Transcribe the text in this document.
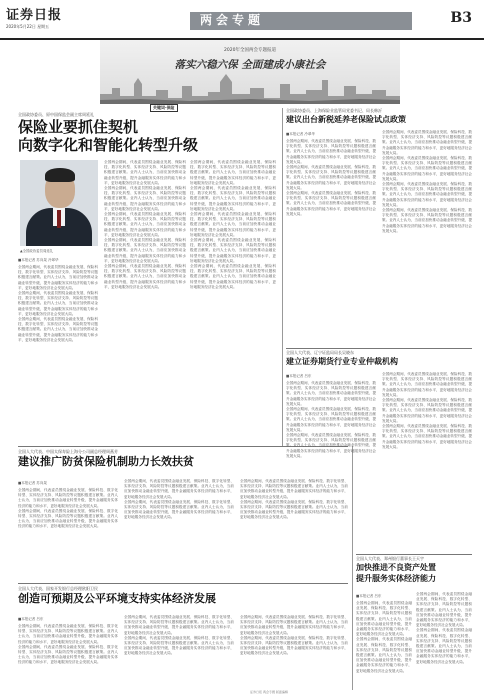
证券日报
2020年5月22日 星期五	两会专题	B3
2020年全国两会专题报道
落实六稳六保 全面建成小康社会
关键词·保险
全国政协委员、原中国保监会副主席周延礼
保险业要抓住契机
向数字化和智能化转型升级
▲全国政协委员周延礼
■本报记者 苏向杲 冷翠华
全国两会期间，代表委员围绕金融业发展、保险科技、数字化转型、实体经济支持、风险防控等议题积极建言献策。业内人士认为，当前应加快推动金融业转型升级，提升金融服务实体经济的能力和水平，更好地服务经济社会发展大局。
全国两会期间，代表委员围绕金融业发展、保险科技、数字化转型、实体经济支持、风险防控等议题积极建言献策。业内人士认为，当前应加快推动金融业转型升级，提升金融服务实体经济的能力和水平，更好地服务经济社会发展大局。
全国两会期间，代表委员围绕金融业发展、保险科技、数字化转型、实体经济支持、风险防控等议题积极建言献策。业内人士认为，当前应加快推动金融业转型升级，提升金融服务实体经济的能力和水平，更好地服务经济社会发展大局。
全国两会期间，代表委员围绕金融业发展、保险科技、数字化转型、实体经济支持、风险防控等议题积极建言献策。业内人士认为，当前应加快推动金融业转型升级，提升金融服务实体经济的能力和水平，更好地服务经济社会发展大局。
全国两会期间，代表委员围绕金融业发展、保险科技、数字化转型、实体经济支持、风险防控等议题积极建言献策。业内人士认为，当前应加快推动金融业转型升级，提升金融服务实体经济的能力和水平，更好地服务经济社会发展大局。
全国两会期间，代表委员围绕金融业发展、保险科技、数字化转型、实体经济支持、风险防控等议题积极建言献策。业内人士认为，当前应加快推动金融业转型升级，提升金融服务实体经济的能力和水平，更好地服务经济社会发展大局。
全国两会期间，代表委员围绕金融业发展、保险科技、数字化转型、实体经济支持、风险防控等议题积极建言献策。业内人士认为，当前应加快推动金融业转型升级，提升金融服务实体经济的能力和水平，更好地服务经济社会发展大局。
全国两会期间，代表委员围绕金融业发展、保险科技、数字化转型、实体经济支持、风险防控等议题积极建言献策。业内人士认为，当前应加快推动金融业转型升级，提升金融服务实体经济的能力和水平，更好地服务经济社会发展大局。
全国两会期间，代表委员围绕金融业发展、保险科技、数字化转型、实体经济支持、风险防控等议题积极建言献策。业内人士认为，当前应加快推动金融业转型升级，提升金融服务实体经济的能力和水平，更好地服务经济社会发展大局。
全国两会期间，代表委员围绕金融业发展、保险科技、数字化转型、实体经济支持、风险防控等议题积极建言献策。业内人士认为，当前应加快推动金融业转型升级，提升金融服务实体经济的能力和水平，更好地服务经济社会发展大局。
全国两会期间，代表委员围绕金融业发展、保险科技、数字化转型、实体经济支持、风险防控等议题积极建言献策。业内人士认为，当前应加快推动金融业转型升级，提升金融服务实体经济的能力和水平，更好地服务经济社会发展大局。
全国两会期间，代表委员围绕金融业发展、保险科技、数字化转型、实体经济支持、风险防控等议题积极建言献策。业内人士认为，当前应加快推动金融业转型升级，提升金融服务实体经济的能力和水平，更好地服务经济社会发展大局。
全国两会期间，代表委员围绕金融业发展、保险科技、数字化转型、实体经济支持、风险防控等议题积极建言献策。业内人士认为，当前应加快推动金融业转型升级，提升金融服务实体经济的能力和水平，更好地服务经济社会发展大局。
全国人大代表、中国太保寿险上海分公司副总经理周燕芳
建议推广防贫保险机制助力长效扶贫
■本报记者 苏向杲
全国两会期间，代表委员围绕金融业发展、保险科技、数字化转型、实体经济支持、风险防控等议题积极建言献策。业内人士认为，当前应加快推动金融业转型升级，提升金融服务实体经济的能力和水平，更好地服务经济社会发展大局。
全国两会期间，代表委员围绕金融业发展、保险科技、数字化转型、实体经济支持、风险防控等议题积极建言献策。业内人士认为，当前应加快推动金融业转型升级，提升金融服务实体经济的能力和水平，更好地服务经济社会发展大局。
全国两会期间，代表委员围绕金融业发展、保险科技、数字化转型、实体经济支持、风险防控等议题积极建言献策。业内人士认为，当前应加快推动金融业转型升级，提升金融服务实体经济的能力和水平，更好地服务经济社会发展大局。
全国两会期间，代表委员围绕金融业发展、保险科技、数字化转型、实体经济支持、风险防控等议题积极建言献策。业内人士认为，当前应加快推动金融业转型升级，提升金融服务实体经济的能力和水平，更好地服务经济社会发展大局。
全国两会期间，代表委员围绕金融业发展、保险科技、数字化转型、实体经济支持、风险防控等议题积极建言献策。业内人士认为，当前应加快推动金融业转型升级，提升金融服务实体经济的能力和水平，更好地服务经济社会发展大局。
全国两会期间，代表委员围绕金融业发展、保险科技、数字化转型、实体经济支持、风险防控等议题积极建言献策。业内人士认为，当前应加快推动金融业转型升级，提升金融服务实体经济的能力和水平，更好地服务经济社会发展大局。
全国人大代表、国家开发银行总经理欧阳卫民
创造可预期及公平环境支持实体经济发展
■本报记者 吕东
全国两会期间，代表委员围绕金融业发展、保险科技、数字化转型、实体经济支持、风险防控等议题积极建言献策。业内人士认为，当前应加快推动金融业转型升级，提升金融服务实体经济的能力和水平，更好地服务经济社会发展大局。
全国两会期间，代表委员围绕金融业发展、保险科技、数字化转型、实体经济支持、风险防控等议题积极建言献策。业内人士认为，当前应加快推动金融业转型升级，提升金融服务实体经济的能力和水平，更好地服务经济社会发展大局。
全国两会期间，代表委员围绕金融业发展、保险科技、数字化转型、实体经济支持、风险防控等议题积极建言献策。业内人士认为，当前应加快推动金融业转型升级，提升金融服务实体经济的能力和水平，更好地服务经济社会发展大局。
全国两会期间，代表委员围绕金融业发展、保险科技、数字化转型、实体经济支持、风险防控等议题积极建言献策。业内人士认为，当前应加快推动金融业转型升级，提升金融服务实体经济的能力和水平，更好地服务经济社会发展大局。
全国两会期间，代表委员围绕金融业发展、保险科技、数字化转型、实体经济支持、风险防控等议题积极建言献策。业内人士认为，当前应加快推动金融业转型升级，提升金融服务实体经济的能力和水平，更好地服务经济社会发展大局。
全国两会期间，代表委员围绕金融业发展、保险科技、数字化转型、实体经济支持、风险防控等议题积极建言献策。业内人士认为，当前应加快推动金融业转型升级，提升金融服务实体经济的能力和水平，更好地服务经济社会发展大局。
全国政协委员、上海保险业监管局党委书记、局长韩沂
建议出台新税延养老保险试点政策
■本报记者 冷翠华
全国两会期间，代表委员围绕金融业发展、保险科技、数字化转型、实体经济支持、风险防控等议题积极建言献策。业内人士认为，当前应加快推动金融业转型升级，提升金融服务实体经济的能力和水平，更好地服务经济社会发展大局。
全国两会期间，代表委员围绕金融业发展、保险科技、数字化转型、实体经济支持、风险防控等议题积极建言献策。业内人士认为，当前应加快推动金融业转型升级，提升金融服务实体经济的能力和水平，更好地服务经济社会发展大局。
全国两会期间，代表委员围绕金融业发展、保险科技、数字化转型、实体经济支持、风险防控等议题积极建言献策。业内人士认为，当前应加快推动金融业转型升级，提升金融服务实体经济的能力和水平，更好地服务经济社会发展大局。
全国两会期间，代表委员围绕金融业发展、保险科技、数字化转型、实体经济支持、风险防控等议题积极建言献策。业内人士认为，当前应加快推动金融业转型升级，提升金融服务实体经济的能力和水平，更好地服务经济社会发展大局。
全国两会期间，代表委员围绕金融业发展、保险科技、数字化转型、实体经济支持、风险防控等议题积极建言献策。业内人士认为，当前应加快推动金融业转型升级，提升金融服务实体经济的能力和水平，更好地服务经济社会发展大局。
全国两会期间，代表委员围绕金融业发展、保险科技、数字化转型、实体经济支持、风险防控等议题积极建言献策。业内人士认为，当前应加快推动金融业转型升级，提升金融服务实体经济的能力和水平，更好地服务经济社会发展大局。
全国两会期间，代表委员围绕金融业发展、保险科技、数字化转型、实体经济支持、风险防控等议题积极建言献策。业内人士认为，当前应加快推动金融业转型升级，提升金融服务实体经济的能力和水平，更好地服务经济社会发展大局。
全国人大代表、辽宁证监局局长吴晓东
建立证券期货行业专业仲裁机构
■本报记者 吕东
全国两会期间，代表委员围绕金融业发展、保险科技、数字化转型、实体经济支持、风险防控等议题积极建言献策。业内人士认为，当前应加快推动金融业转型升级，提升金融服务实体经济的能力和水平，更好地服务经济社会发展大局。
全国两会期间，代表委员围绕金融业发展、保险科技、数字化转型、实体经济支持、风险防控等议题积极建言献策。业内人士认为，当前应加快推动金融业转型升级，提升金融服务实体经济的能力和水平，更好地服务经济社会发展大局。
全国两会期间，代表委员围绕金融业发展、保险科技、数字化转型、实体经济支持、风险防控等议题积极建言献策。业内人士认为，当前应加快推动金融业转型升级，提升金融服务实体经济的能力和水平，更好地服务经济社会发展大局。
全国两会期间，代表委员围绕金融业发展、保险科技、数字化转型、实体经济支持、风险防控等议题积极建言献策。业内人士认为，当前应加快推动金融业转型升级，提升金融服务实体经济的能力和水平，更好地服务经济社会发展大局。
全国两会期间，代表委员围绕金融业发展、保险科技、数字化转型、实体经济支持、风险防控等议题积极建言献策。业内人士认为，当前应加快推动金融业转型升级，提升金融服务实体经济的能力和水平，更好地服务经济社会发展大局。
全国两会期间，代表委员围绕金融业发展、保险科技、数字化转型、实体经济支持、风险防控等议题积极建言献策。业内人士认为，当前应加快推动金融业转型升级，提升金融服务实体经济的能力和水平，更好地服务经济社会发展大局。
全国人大代表、郑州银行董事长王天宇
加快推进不良资产处置
提升服务实体经济能力
■本报记者 吕东
全国两会期间，代表委员围绕金融业发展、保险科技、数字化转型、实体经济支持、风险防控等议题积极建言献策。业内人士认为，当前应加快推动金融业转型升级，提升金融服务实体经济的能力和水平，更好地服务经济社会发展大局。
全国两会期间，代表委员围绕金融业发展、保险科技、数字化转型、实体经济支持、风险防控等议题积极建言献策。业内人士认为，当前应加快推动金融业转型升级，提升金融服务实体经济的能力和水平，更好地服务经济社会发展大局。
全国两会期间，代表委员围绕金融业发展、保险科技、数字化转型、实体经济支持、风险防控等议题积极建言献策。业内人士认为，当前应加快推动金融业转型升级，提升金融服务实体经济的能力和水平，更好地服务经济社会发展大局。
全国两会期间，代表委员围绕金融业发展、保险科技、数字化转型、实体经济支持、风险防控等议题积极建言献策。业内人士认为，当前应加快推动金融业转型升级，提升金融服务实体经济的能力和水平，更好地服务经济社会发展大局。
证券日报 两会专题 版面编辑
